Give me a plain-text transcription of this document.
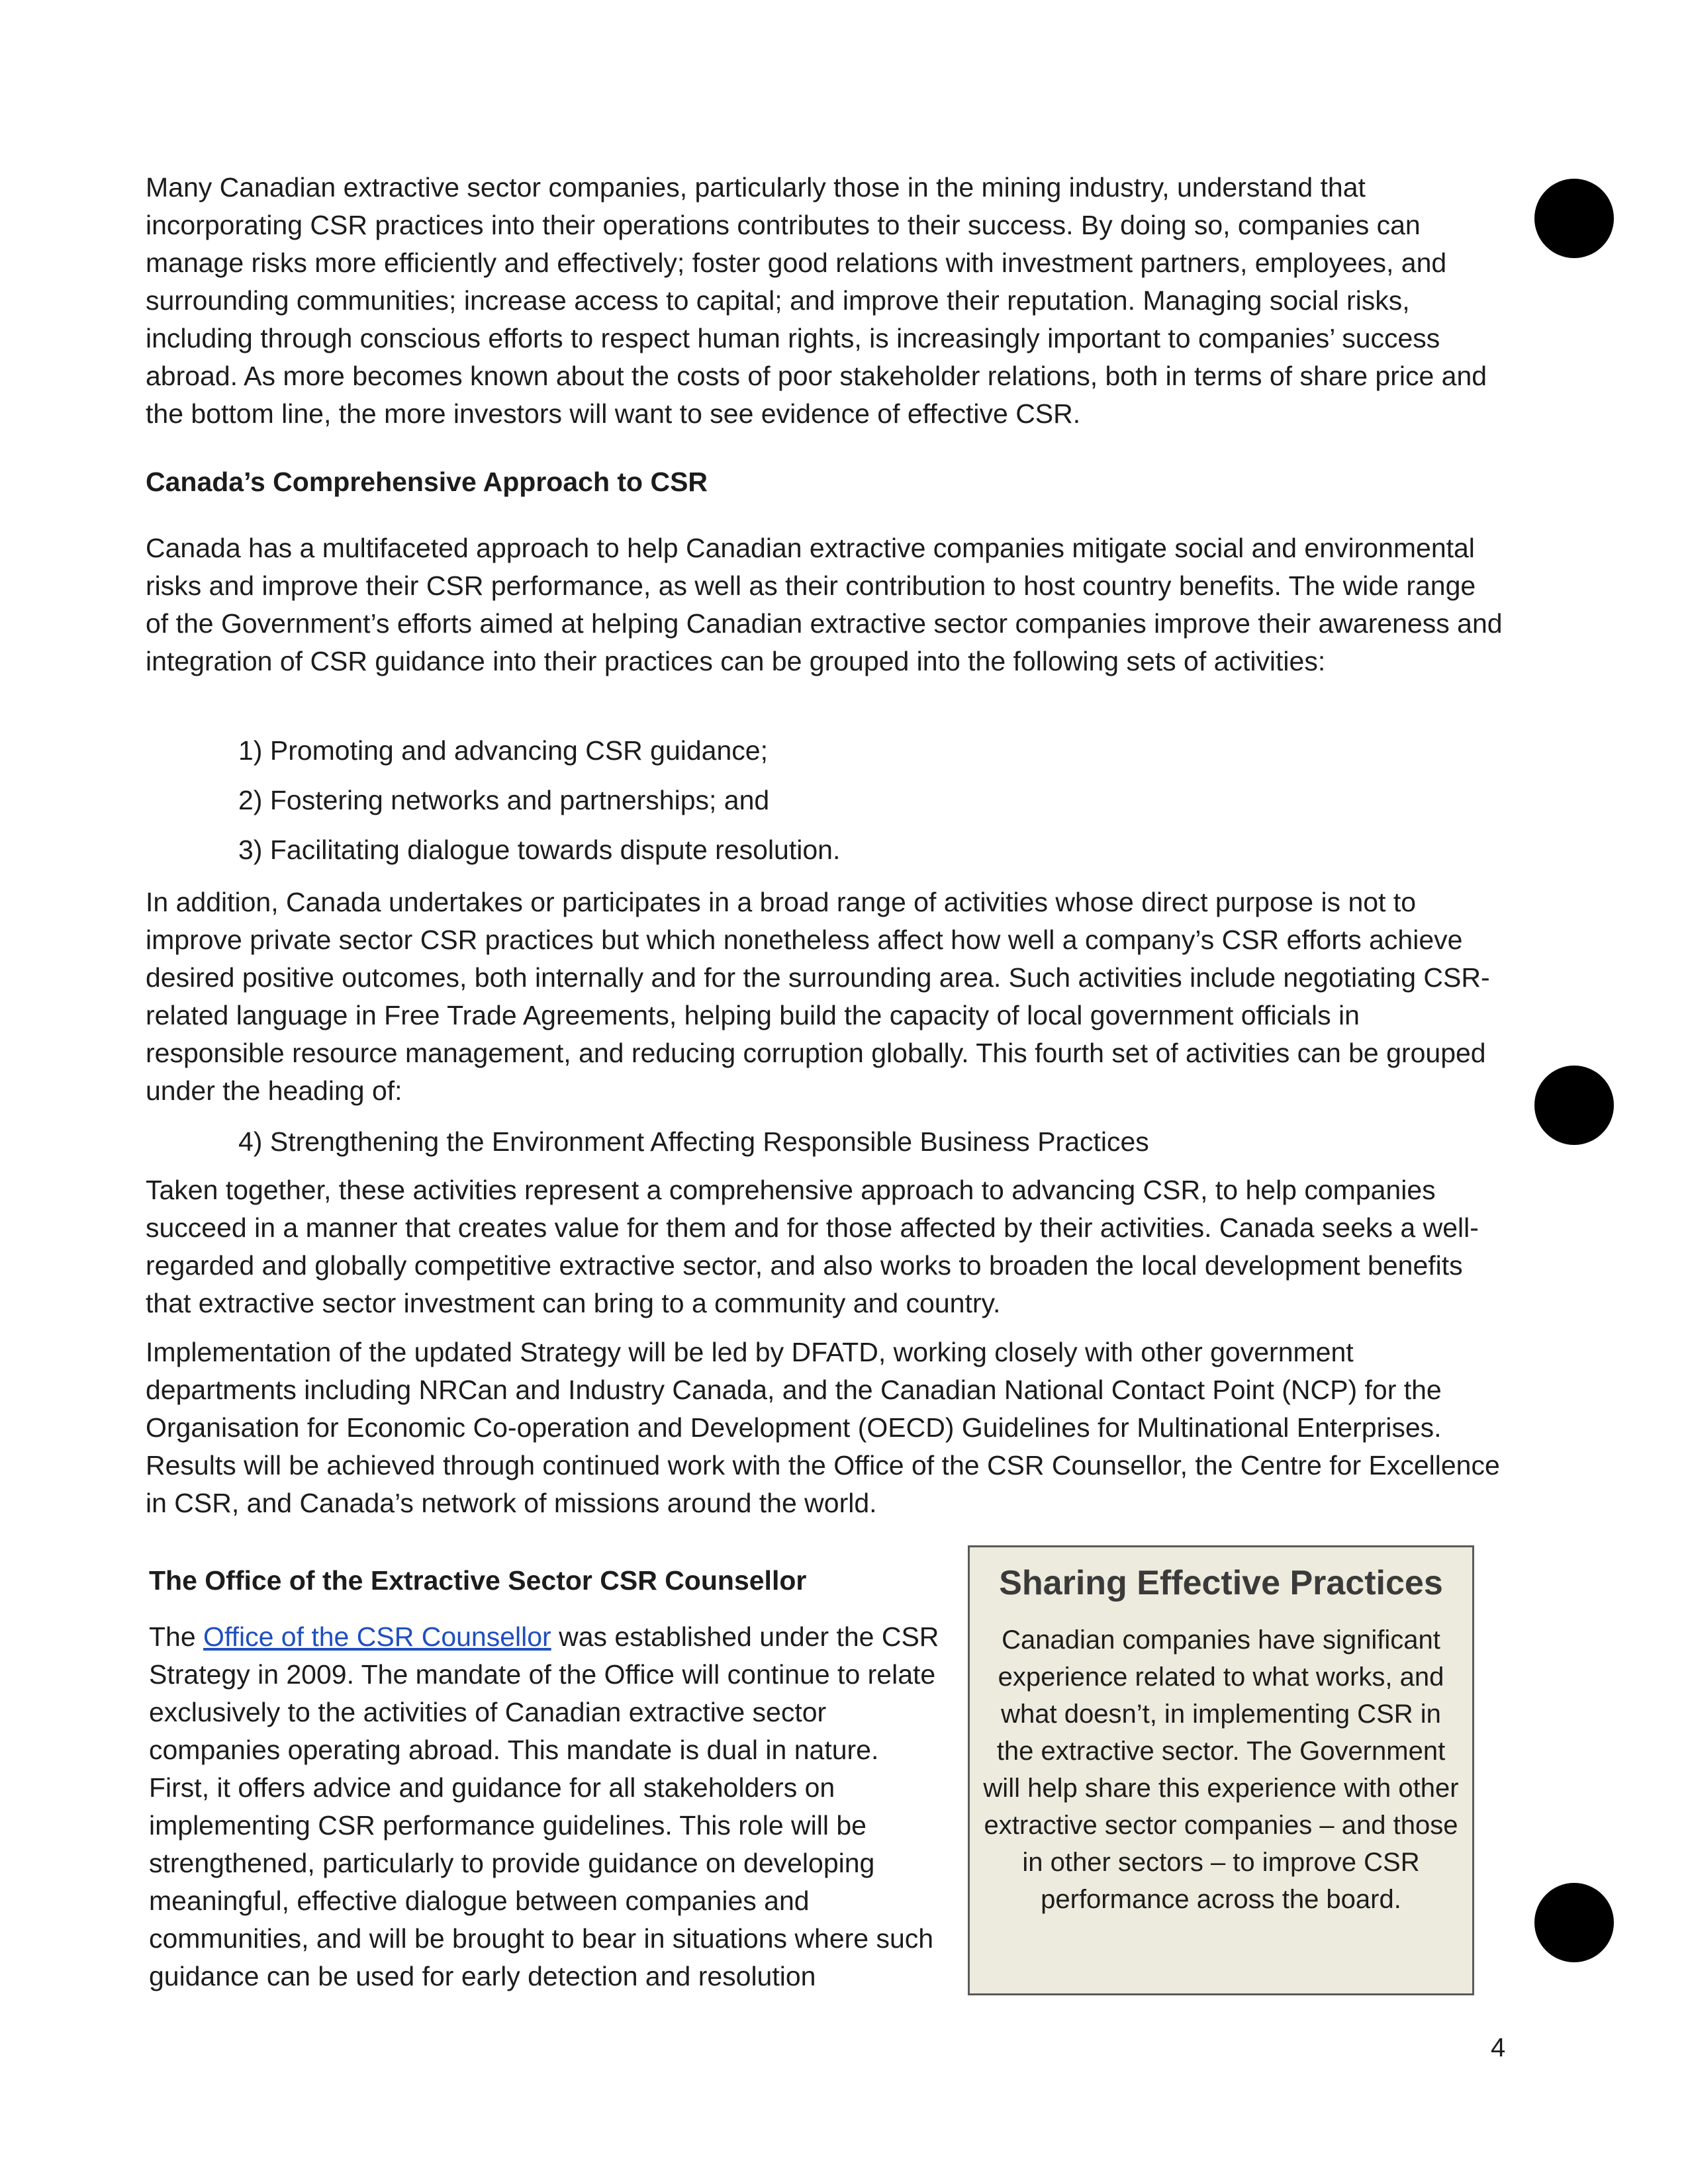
Many Canadian extractive sector companies, particularly those in the mining industry, understand that incorporating CSR practices into their operations contributes to their success. By doing so, companies can manage risks more efficiently and effectively; foster good relations with investment partners, employees, and surrounding communities; increase access to capital; and improve their reputation. Managing social risks, including through conscious efforts to respect human rights, is increasingly important to companies’ success abroad. As more becomes known about the costs of poor stakeholder relations, both in terms of share price and the bottom line, the more investors will want to see evidence of effective CSR.

Canada’s Comprehensive Approach to CSR

Canada has a multifaceted approach to help Canadian extractive companies mitigate social and environmental risks and improve their CSR performance, as well as their contribution to host country benefits. The wide range of the Government’s efforts aimed at helping Canadian extractive sector companies improve their awareness and integration of CSR guidance into their practices can be grouped into the following sets of activities:

1) Promoting and advancing CSR guidance;

2) Fostering networks and partnerships; and

3) Facilitating dialogue towards dispute resolution.

In addition, Canada undertakes or participates in a broad range of activities whose direct purpose is not to improve private sector CSR practices but which nonetheless affect how well a company’s CSR efforts achieve desired positive outcomes, both internally and for the surrounding area. Such activities include negotiating CSR-related language in Free Trade Agreements, helping build the capacity of local government officials in responsible resource management, and reducing corruption globally. This fourth set of activities can be grouped under the heading of:

4) Strengthening the Environment Affecting Responsible Business Practices

Taken together, these activities represent a comprehensive approach to advancing CSR, to help companies succeed in a manner that creates value for them and for those affected by their activities. Canada seeks a well-regarded and globally competitive extractive sector, and also works to broaden the local development benefits that extractive sector investment can bring to a community and country.

Implementation of the updated Strategy will be led by DFATD, working closely with other government departments including NRCan and Industry Canada, and the Canadian National Contact Point (NCP) for the Organisation for Economic Co-operation and Development (OECD) Guidelines for Multinational Enterprises. Results will be achieved through continued work with the Office of the CSR Counsellor, the Centre for Excellence in CSR, and Canada’s network of missions around the world.

The Office of the Extractive Sector CSR Counsellor

The Office of the CSR Counsellor was established under the CSR Strategy in 2009. The mandate of the Office will continue to relate exclusively to the activities of Canadian extractive sector companies operating abroad. This mandate is dual in nature. First, it offers advice and guidance for all stakeholders on implementing CSR performance guidelines. This role will be strengthened, particularly to provide guidance on developing meaningful, effective dialogue between companies and communities, and will be brought to bear in situations where such guidance can be used for early detection and resolution

Sharing Effective Practices
Canadian companies have significant experience related to what works, and what doesn’t, in implementing CSR in the extractive sector. The Government will help share this experience with other extractive sector companies – and those in other sectors – to improve CSR performance across the board.
4
